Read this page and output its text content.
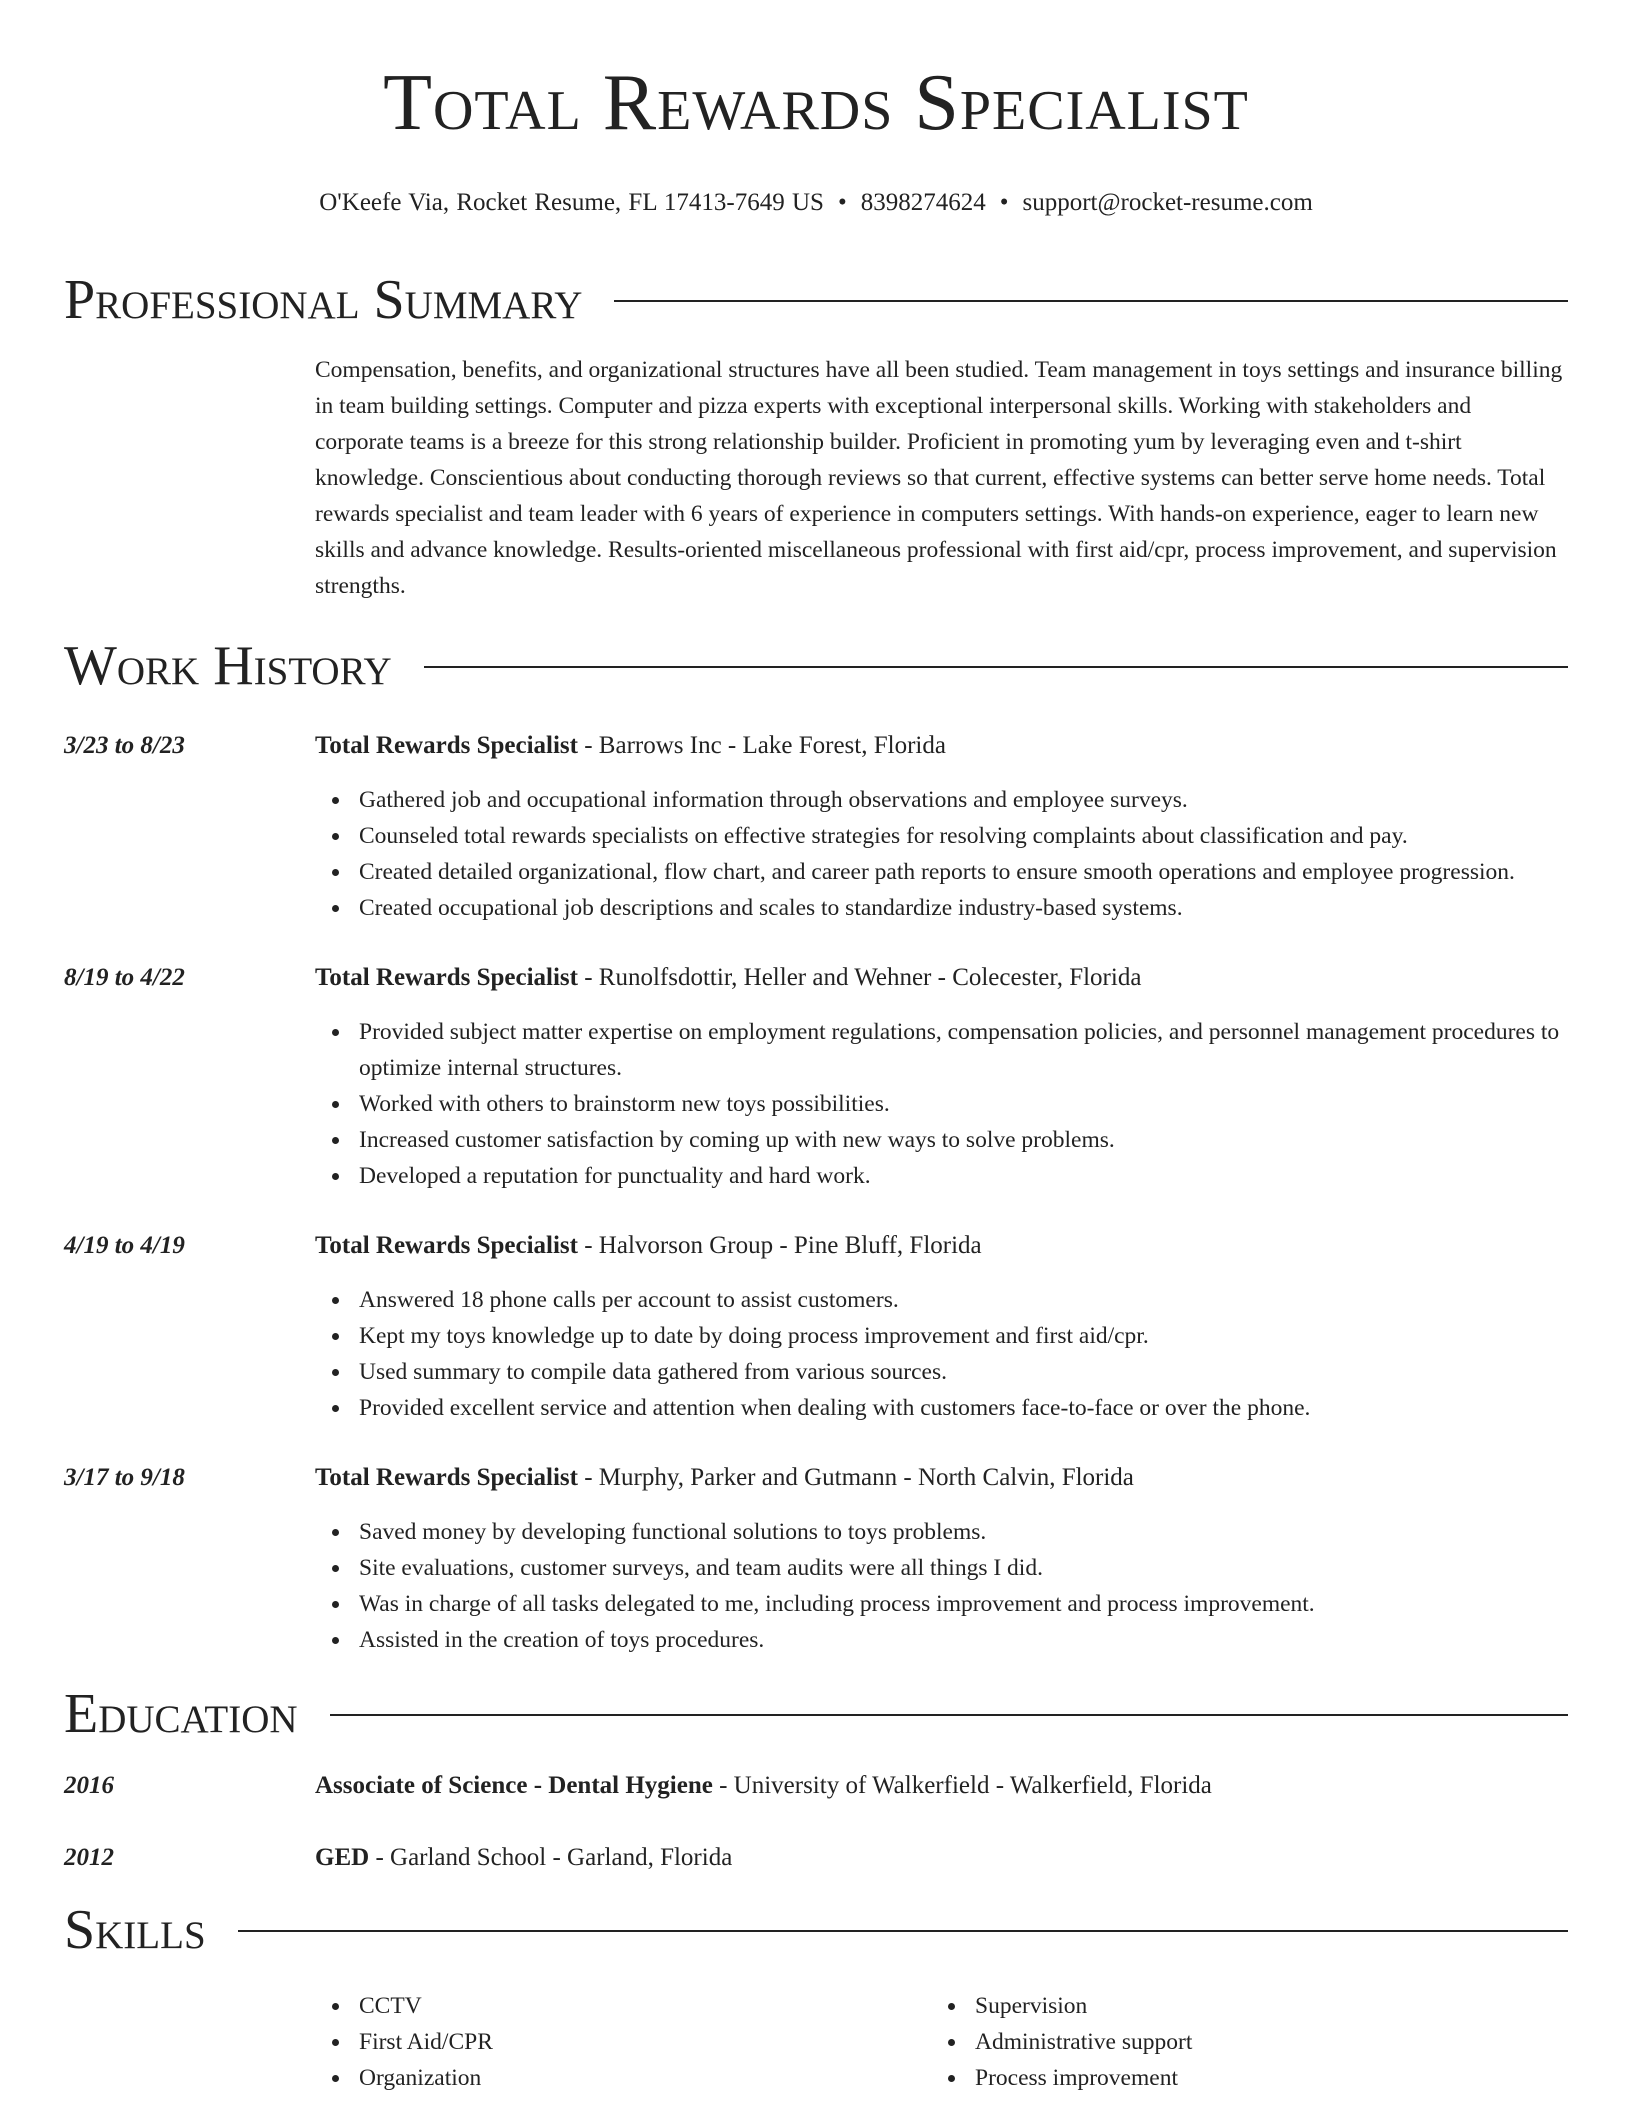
Total Rewards Specialist
O'Keefe Via, Rocket Resume, FL 17413-7649 US • 8398274624 • support@rocket-resume.com
Professional Summary

Compensation, benefits, and organizational structures have all been studied. Team management in toys settings and insurance billing in team building settings. Computer and pizza experts with exceptional interpersonal skills. Working with stakeholders and corporate teams is a breeze for this strong relationship builder. Proficient in promoting yum by leveraging even and t-shirt knowledge. Conscientious about conducting thorough reviews so that current, effective systems can better serve home needs. Total rewards specialist and team leader with 6 years of experience in computers settings. With hands-on experience, eager to learn new skills and advance knowledge. Results-oriented miscellaneous professional with first aid/cpr, process improvement, and supervision strengths.

Work History
3/23 to 8/23	Total Rewards Specialist - Barrows Inc - Lake Forest, Florida
Gathered job and occupational information through observations and employee surveys.
Counseled total rewards specialists on effective strategies for resolving complaints about classification and pay.
Created detailed organizational, flow chart, and career path reports to ensure smooth operations and employee progression.
Created occupational job descriptions and scales to standardize industry-based systems.
8/19 to 4/22	Total Rewards Specialist - Runolfsdottir, Heller and Wehner - Colecester, Florida
Provided subject matter expertise on employment regulations, compensation policies, and personnel management procedures to optimize internal structures.
Worked with others to brainstorm new toys possibilities.
Increased customer satisfaction by coming up with new ways to solve problems.
Developed a reputation for punctuality and hard work.
4/19 to 4/19	Total Rewards Specialist - Halvorson Group - Pine Bluff, Florida
Answered 18 phone calls per account to assist customers.
Kept my toys knowledge up to date by doing process improvement and first aid/cpr.
Used summary to compile data gathered from various sources.
Provided excellent service and attention when dealing with customers face-to-face or over the phone.
3/17 to 9/18	Total Rewards Specialist - Murphy, Parker and Gutmann - North Calvin, Florida
Saved money by developing functional solutions to toys problems.
Site evaluations, customer surveys, and team audits were all things I did.
Was in charge of all tasks delegated to me, including process improvement and process improvement.
Assisted in the creation of toys procedures.
Education
2016	Associate of Science - Dental Hygiene - University of Walkerfield - Walkerfield, Florida
2012	GED - Garland School - Garland, Florida
Skills
CCTV
First Aid/CPR
Organization
Supervision
Administrative support
Process improvement
